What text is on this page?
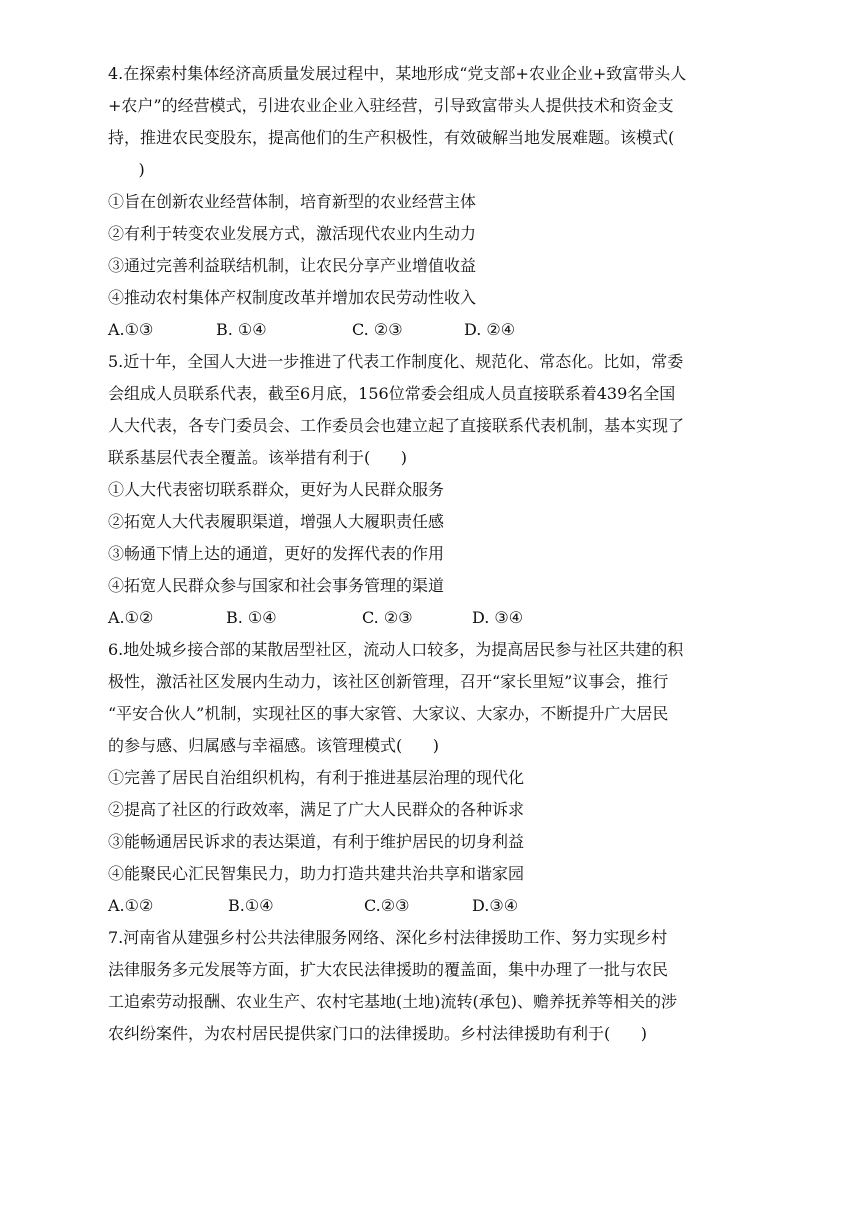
4.在探索村集体经济高质量发展过程中，某地形成“党支部+农业企业+致富带头人
+农户”的经营模式，引进农业企业入驻经营，引导致富带头人提供技术和资金支
持，推进农民变股东，提高他们的生产积极性，有效破解当地发展难题。该模式(
)
①旨在创新农业经营体制，培育新型的农业经营主体
②有利于转变农业发展方式，激活现代农业内生动力
③通过完善利益联结机制，让农民分享产业增值收益
④推动农村集体产权制度改革并增加农民劳动性收入
A.①③	B. ①④	C. ②③	D. ②④
5.近十年，全国人大进一步推进了代表工作制度化、规范化、常态化。比如，常委
会组成人员联系代表，截至6月底，156位常委会组成人员直接联系着439名全国
人大代表，各专门委员会、工作委员会也建立起了直接联系代表机制，基本实现了
联系基层代表全覆盖。该举措有利于(      )
①人大代表密切联系群众，更好为人民群众服务
②拓宽人大代表履职渠道，增强人大履职责任感
③畅通下情上达的通道，更好的发挥代表的作用
④拓宽人民群众参与国家和社会事务管理的渠道
A.①②	B. ①④	C. ②③	D. ③④
6.地处城乡接合部的某散居型社区，流动人口较多，为提高居民参与社区共建的积
极性，激活社区发展内生动力，该社区创新管理，召开“家长里短”议事会，推行
“平安合伙人”机制，实现社区的事大家管、大家议、大家办，不断提升广大居民
的参与感、归属感与幸福感。该管理模式(      )
①完善了居民自治组织机构，有利于推进基层治理的现代化
②提高了社区的行政效率，满足了广大人民群众的各种诉求
③能畅通居民诉求的表达渠道，有利于维护居民的切身利益
④能聚民心汇民智集民力，助力打造共建共治共享和谐家园
A.①②	B.①④	C.②③	D.③④
7.河南省从建强乡村公共法律服务网络、深化乡村法律援助工作、努力实现乡村
法律服务多元发展等方面，扩大农民法律援助的覆盖面，集中办理了一批与农民
工追索劳动报酬、农业生产、农村宅基地(土地)流转(承包)、赡养抚养等相关的涉
农纠纷案件，为农村居民提供家门口的法律援助。乡村法律援助有利于(      )
